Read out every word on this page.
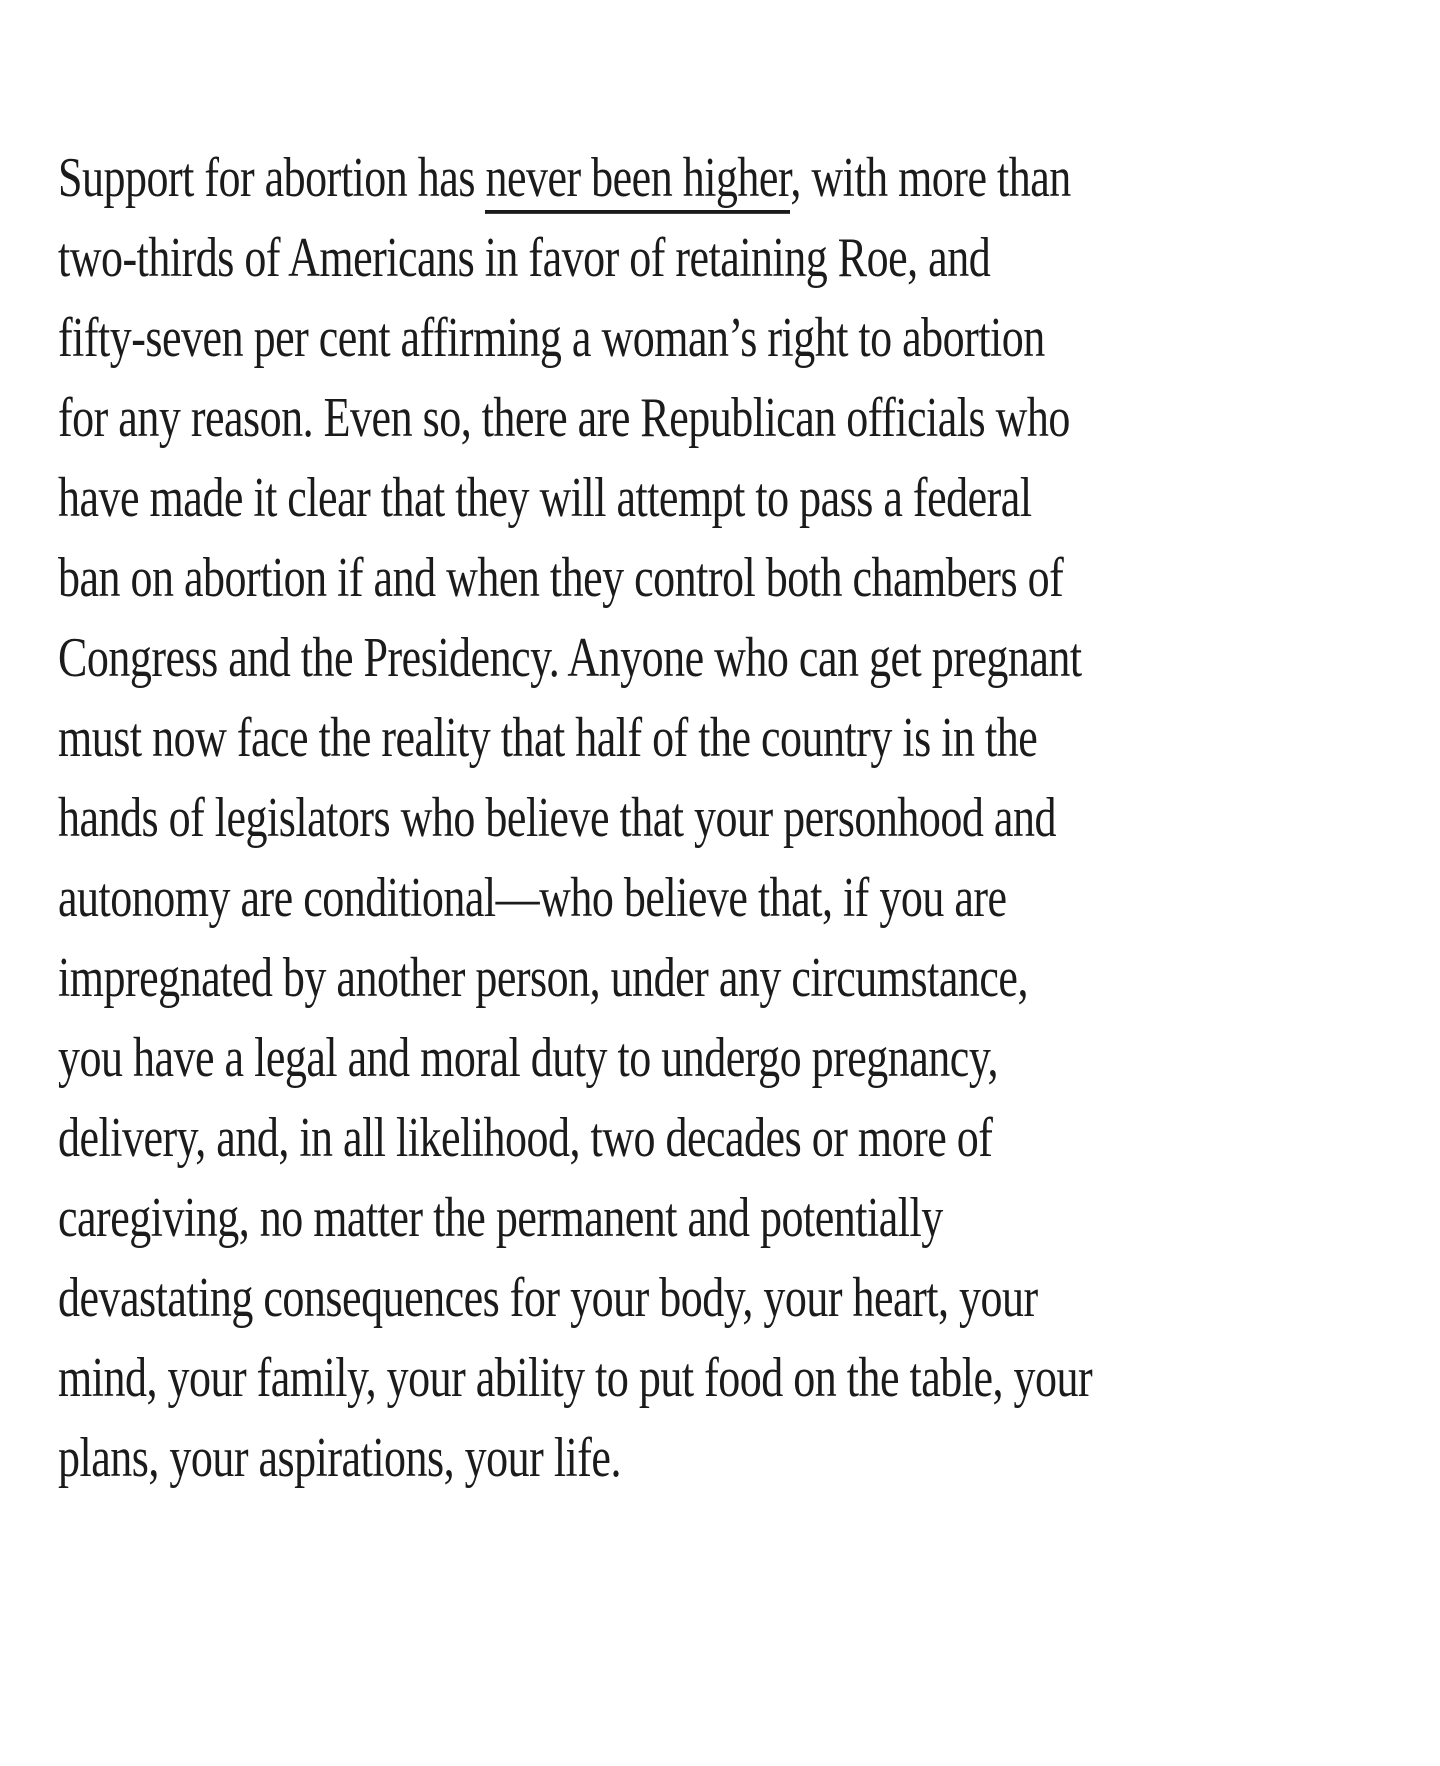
Support for abortion has never been higher, with more than
two-thirds of Americans in favor of retaining Roe, and
fifty-seven per cent affirming a woman’s right to abortion
for any reason. Even so, there are Republican officials who
have made it clear that they will attempt to pass a federal
ban on abortion if and when they control both chambers of
Congress and the Presidency. Anyone who can get pregnant
must now face the reality that half of the country is in the
hands of legislators who believe that your personhood and
autonomy are conditional—who believe that, if you are
impregnated by another person, under any circumstance,
you have a legal and moral duty to undergo pregnancy,
delivery, and, in all likelihood, two decades or more of
caregiving, no matter the permanent and potentially
devastating consequences for your body, your heart, your
mind, your family, your ability to put food on the table, your
plans, your aspirations, your life.
